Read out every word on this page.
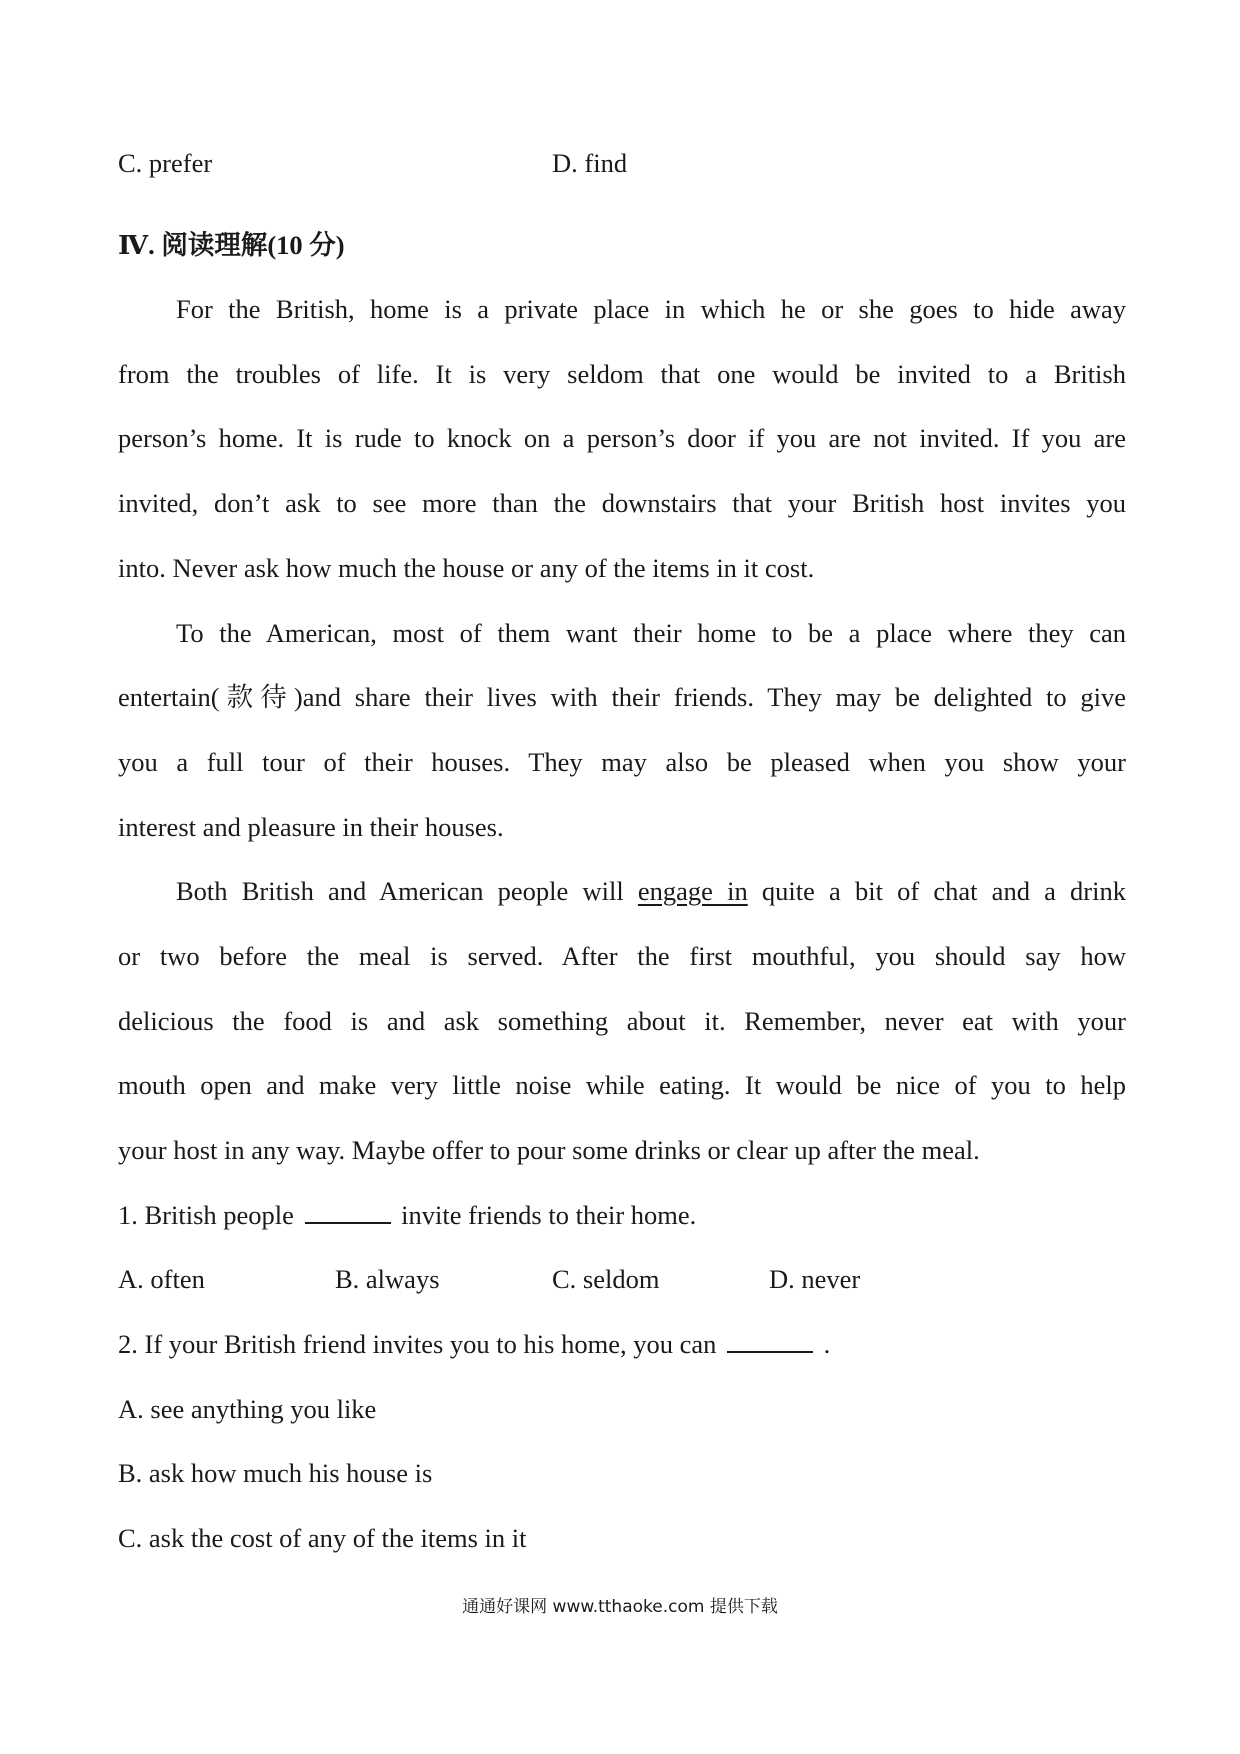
C. prefer	D. find
Ⅳ. 阅读理解(10 分)
For the British, home is a private place in which he or she goes to hide away
from the troubles of life. It is very seldom that one would be invited to a British
person’s home. It is rude to knock on a person’s door if you are not invited. If you are
invited, don’t ask to see more than the downstairs that your British host invites you
into. Never ask how much the house or any of the items in it cost.
To the American, most of them want their home to be a place where they can
entertain(款待)and share their lives with their friends. They may be delighted to give
you a full tour of their houses. They may also be pleased when you show your
interest and pleasure in their houses.
Both British and American people will engage in quite a bit of chat and a drink
or two before the meal is served. After the first mouthful, you should say how
delicious the food is and ask something about it. Remember, never eat with your
mouth open and make very little noise while eating. It would be nice of you to help
your host in any way. Maybe offer to pour some drinks or clear up after the meal.
1. British people	invite friends to their home.
A. often	B. always	C. seldom	D. never
2. If your British friend invites you to his home, you can	.
A. see anything you like
B. ask how much his house is
C. ask the cost of any of the items in it
通通好课网 www.tthaoke.com 提供下载
